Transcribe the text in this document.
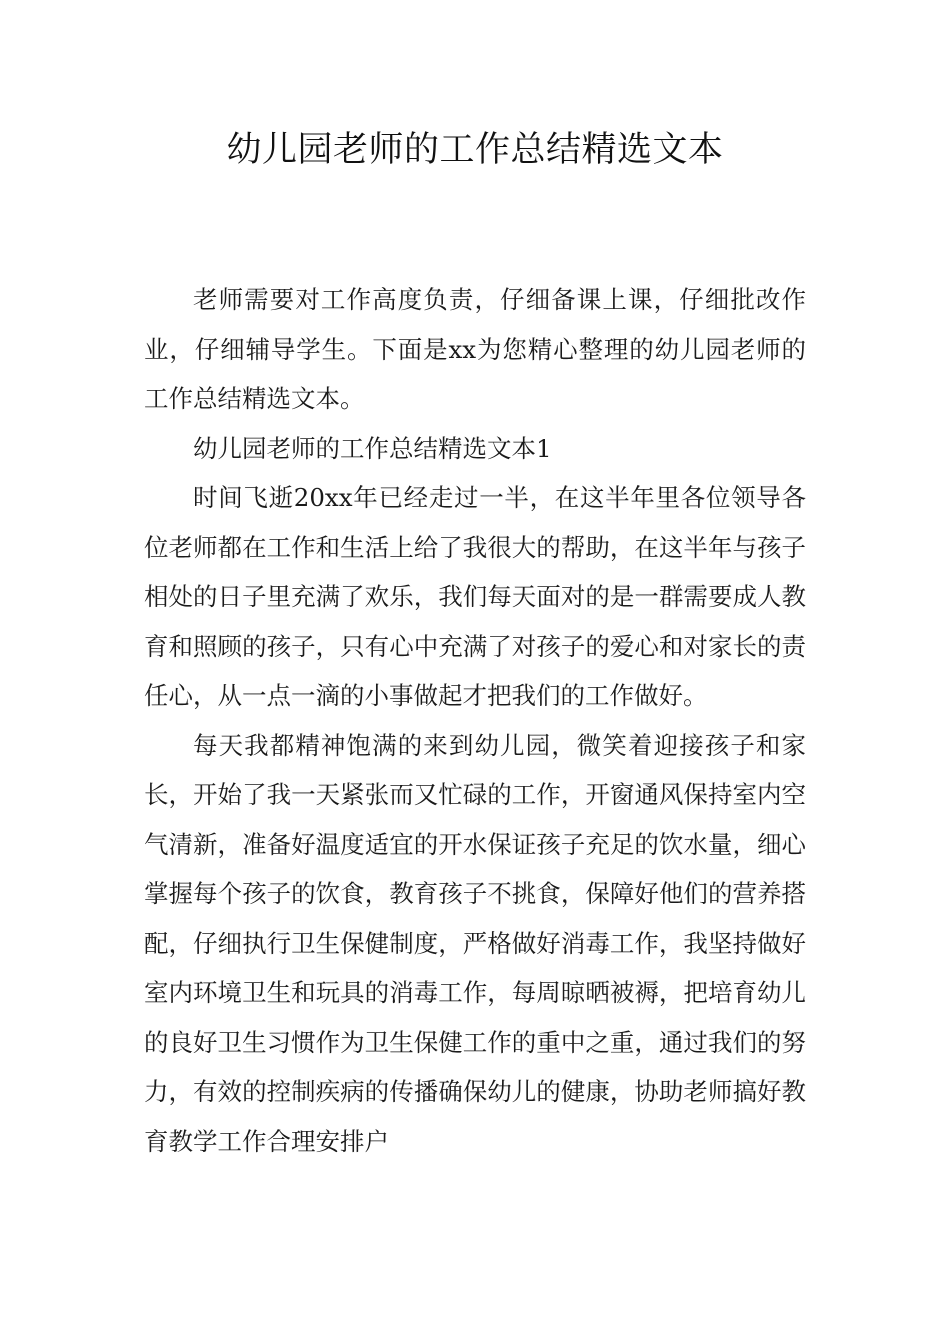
幼儿园老师的工作总结精选文本

老师需要对工作高度负责，仔细备课上课，仔细批改作业，仔细辅导学生。下面是xx为您精心整理的幼儿园老师的工作总结精选文本。

幼儿园老师的工作总结精选文本1

时间飞逝20xx年已经走过一半，在这半年里各位领导各位老师都在工作和生活上给了我很大的帮助，在这半年与孩子相处的日子里充满了欢乐，我们每天面对的是一群需要成人教育和照顾的孩子，只有心中充满了对孩子的爱心和对家长的责任心，从一点一滴的小事做起才把我们的工作做好。

每天我都精神饱满的来到幼儿园，微笑着迎接孩子和家长，开始了我一天紧张而又忙碌的工作，开窗通风保持室内空气清新，准备好温度适宜的开水保证孩子充足的饮水量，细心掌握每个孩子的饮食，教育孩子不挑食，保障好他们的营养搭配，仔细执行卫生保健制度，严格做好消毒工作，我坚持做好室内环境卫生和玩具的消毒工作，每周晾晒被褥，把培育幼儿的良好卫生习惯作为卫生保健工作的重中之重，通过我们的努力，有效的控制疾病的传播确保幼儿的健康，协助老师搞好教育教学工作合理安排户
